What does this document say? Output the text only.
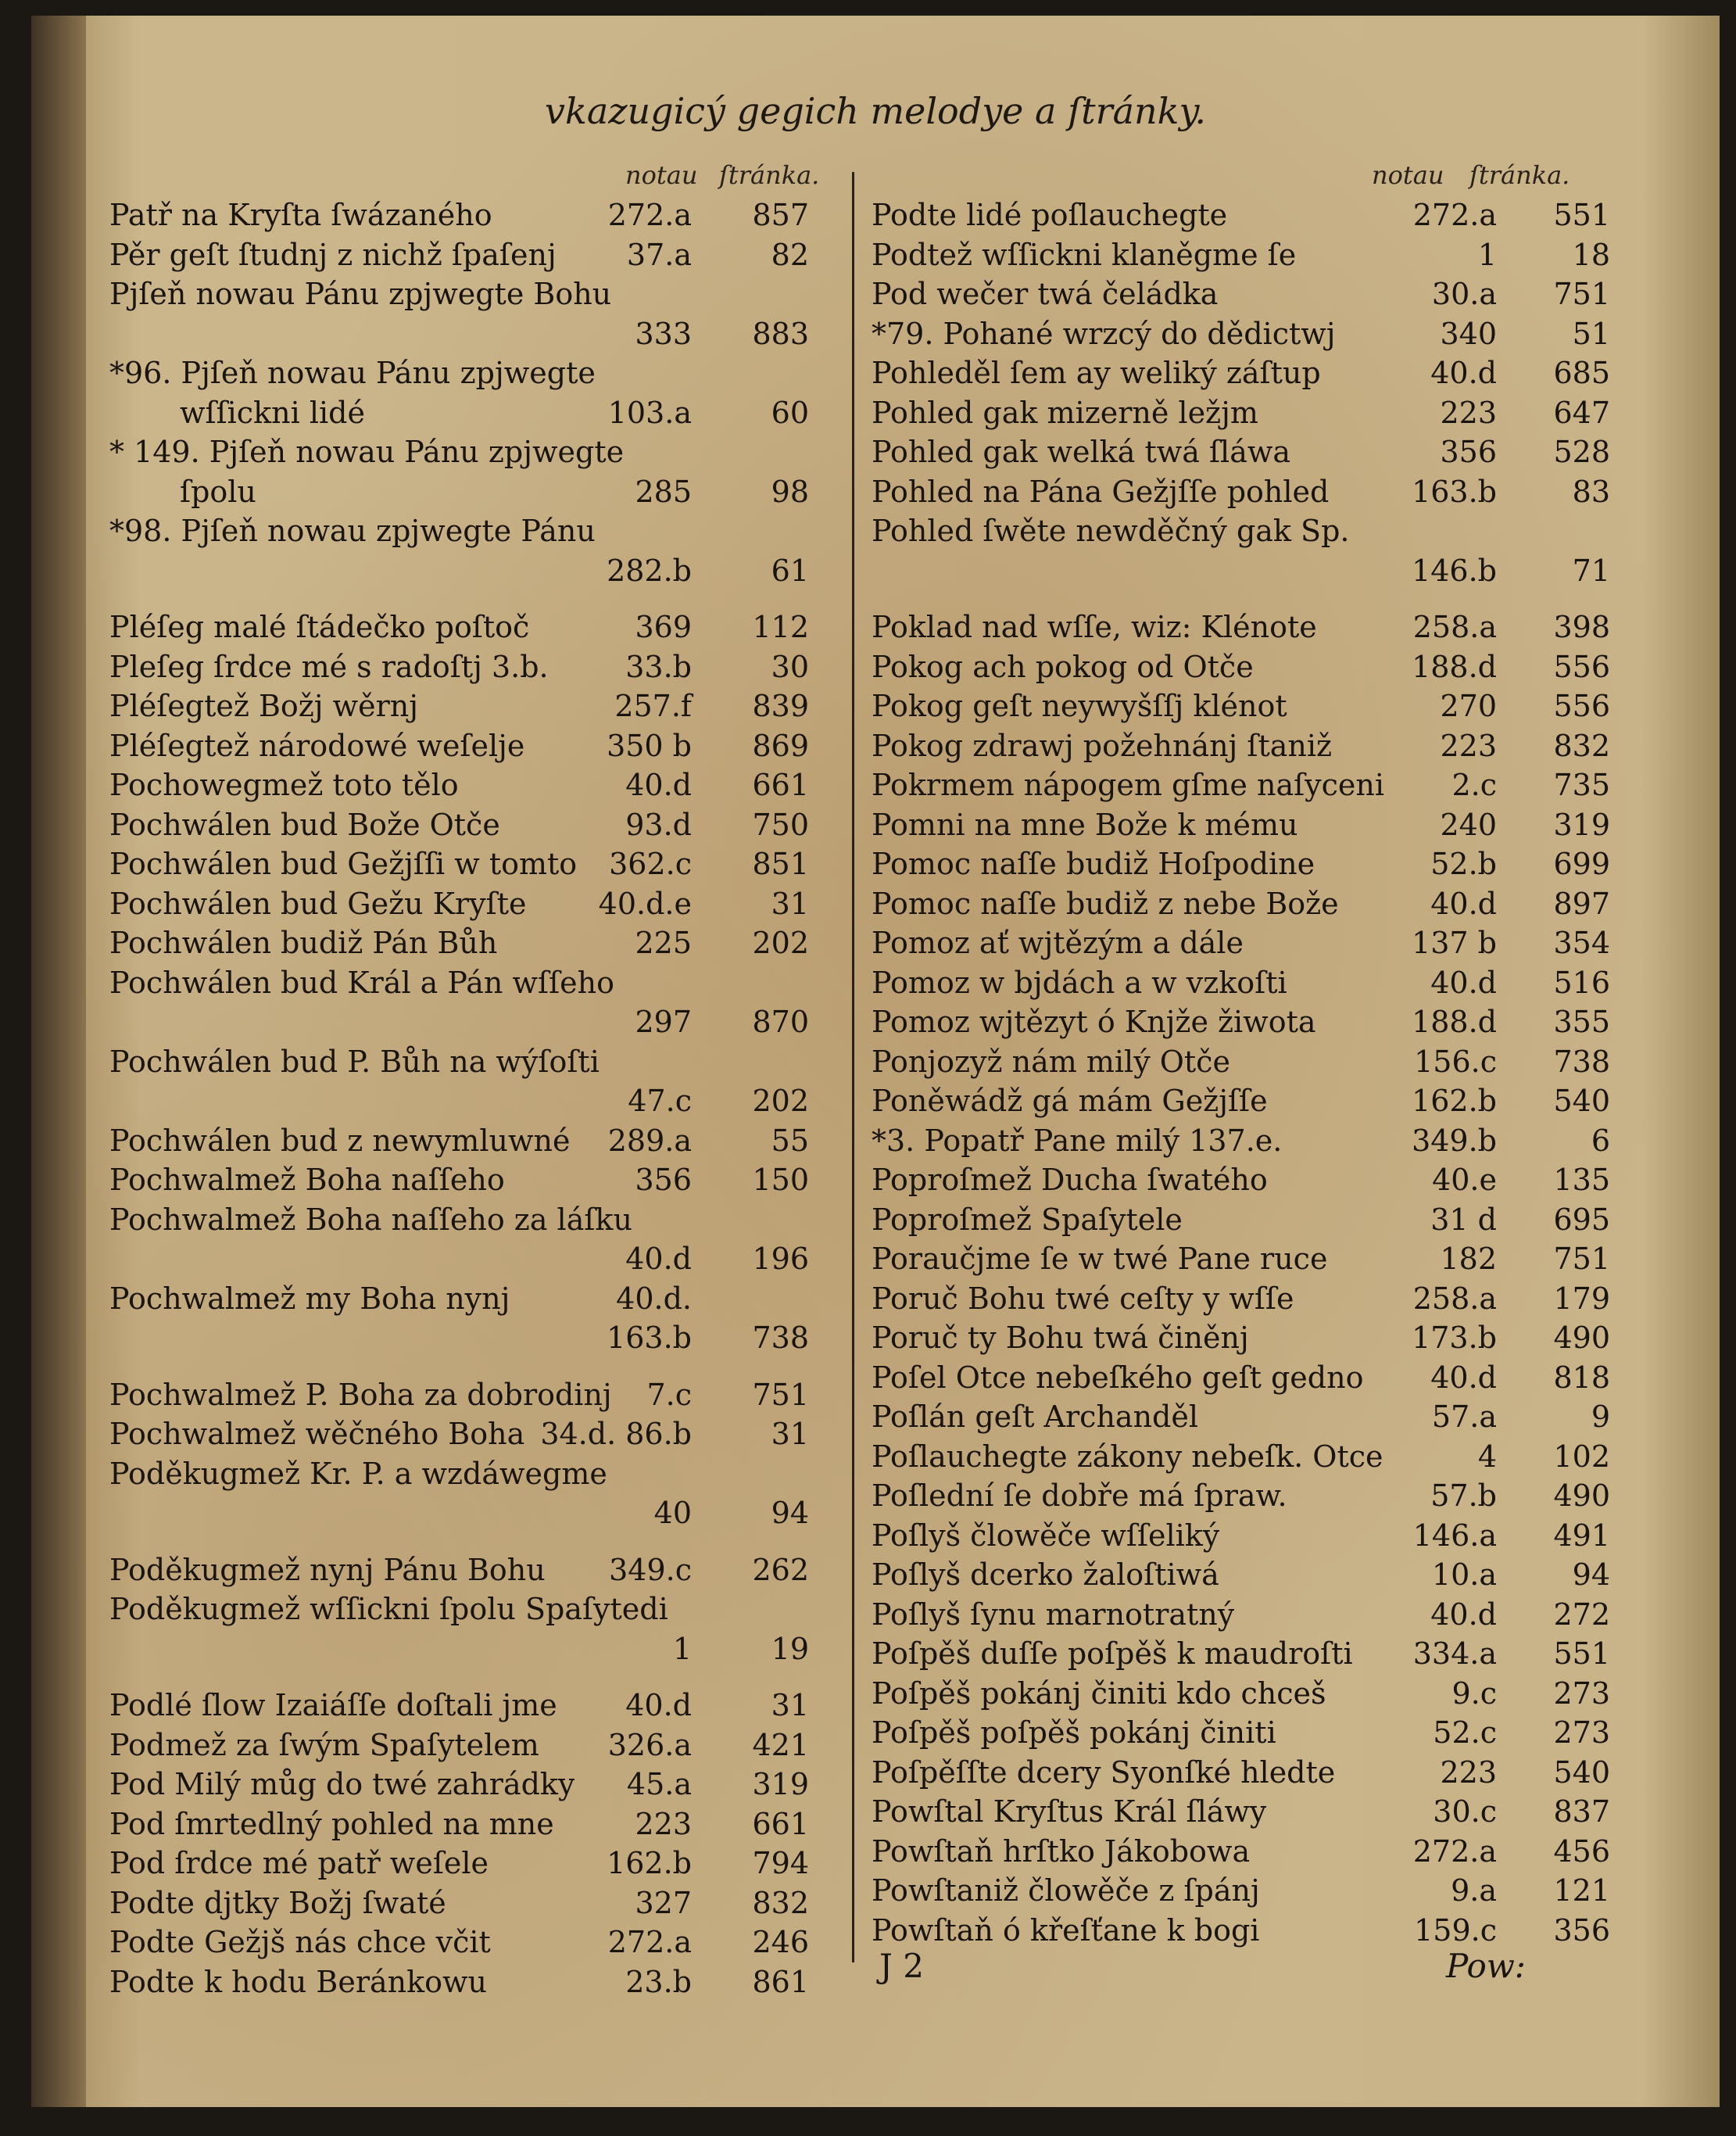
vkazugicý gegich melodye a ſtránky.
notau ſtránka.	notau ſtránka.
Patř na Kryſta ſwázaného	272.a	857
Pěr geſt ſtudnj z nichž ſpaſenj	37.a	82
Pjſeň nowau Pánu zpjwegte Bohu
333	883
*96. Pjſeň nowau Pánu zpjwegte
wſſickni lidé	103.a	60
* 149. Pjſeň nowau Pánu zpjwegte
ſpolu	285	98
*98. Pjſeň nowau zpjwegte Pánu
282.b	61
Pléſeg malé ſtádečko poſtoč	369	112
Pleſeg ſrdce mé s radoſtj 3.b.	33.b	30
Pléſegtež Božj wěrnj	257.f	839
Pléſegtež národowé weſelje	350 b	869
Pochowegmež toto tělo	40.d	661
Pochwálen bud Bože Otče	93.d	750
Pochwálen bud Gežjſſi w tomto	362.c	851
Pochwálen bud Gežu Kryſte	40.d.e	31
Pochwálen budiž Pán Bůh	225	202
Pochwálen bud Král a Pán wſſeho
297	870
Pochwálen bud P. Bůh na wýſoſti
47.c	202
Pochwálen bud z newymluwné	289.a	55
Pochwalmež Boha naſſeho	356	150
Pochwalmež Boha naſſeho za láſku
40.d	196
Pochwalmež my Boha nynj	40.d.
163.b	738
Pochwalmež P. Boha za dobrodinj	7.c	751
Pochwalmež wěčného Boha 34.d. 86.b	31
Poděkugmež Kr. P. a wzdáwegme
40	94
Poděkugmež nynj Pánu Bohu	349.c	262
Poděkugmež wſſickni ſpolu Spaſytedi
1	19
Podlé ſlow Izaiáſſe doſtali jme	40.d	31
Podmež za ſwým Spaſytelem	326.a	421
Pod Milý můg do twé zahrádky	45.a	319
Pod ſmrtedlný pohled na mne	223	661
Pod ſrdce mé patř weſele	162.b	794
Podte djtky Božj ſwaté	327	832
Podte Gežjš nás chce včit	272.a	246
Podte k hodu Beránkowu	23.b	861
Podte lidé poſlauchegte	272.a	551
Podtež wſſickni klaněgme ſe	1	18
Pod wečer twá čeládka	30.a	751
*79. Pohané wrzcý do dědictwj	340	51
Pohleděl ſem ay weliký záſtup	40.d	685
Pohled gak mizerně ležjm	223	647
Pohled gak welká twá ſláwa	356	528
Pohled na Pána Gežjſſe pohled	163.b	83
Pohled ſwěte newděčný gak Sp.
146.b	71
Poklad nad wſſe, wiz: Klénote	258.a	398
Pokog ach pokog od Otče	188.d	556
Pokog geſt neywyšſſj klénot	270	556
Pokog zdrawj požehnánj ſtaniž	223	832
Pokrmem nápogem gſme naſyceni	2.c	735
Pomni na mne Bože k mému	240	319
Pomoc naſſe budiž Hoſpodine	52.b	699
Pomoc naſſe budiž z nebe Bože	40.d	897
Pomoz ať wjtězým a dále	137 b	354
Pomoz w bjdách a w vzkoſti	40.d	516
Pomoz wjtězyt ó Knjže žiwota	188.d	355
Ponjozyž nám milý Otče	156.c	738
Poněwádž gá mám Gežjſſe	162.b	540
*3. Popatř Pane milý 137.e.	349.b	6
Poproſmež Ducha ſwatého	40.e	135
Poproſmež Spaſytele	31 d	695
Poraučjme ſe w twé Pane ruce	182	751
Poruč Bohu twé ceſty y wſſe	258.a	179
Poruč ty Bohu twá činěnj	173.b	490
Poſel Otce nebeſkého geſt gedno	40.d	818
Poſlán geſt Archanděl	57.a	9
Poſlauchegte zákony nebeſk. Otce	4	102
Poſlední ſe dobře má ſpraw.	57.b	490
Poſlyš člowěče wſſeliký	146.a	491
Poſlyš dcerko žaloſtiwá	10.a	94
Poſlyš ſynu marnotratný	40.d	272
Poſpěš duſſe poſpěš k maudroſti	334.a	551
Poſpěš pokánj činiti kdo chceš	9.c	273
Poſpěš poſpěš pokánj činiti	52.c	273
Poſpěſſte dcery Syonſké hledte	223	540
Powſtal Kryſtus Král ſláwy	30.c	837
Powſtaň hrſtko Jákobowa	272.a	456
Powſtaniž člowěče z ſpánj	9.a	121
Powſtaň ó křeſťane k bogi	159.c	356
J 2	Pow:
